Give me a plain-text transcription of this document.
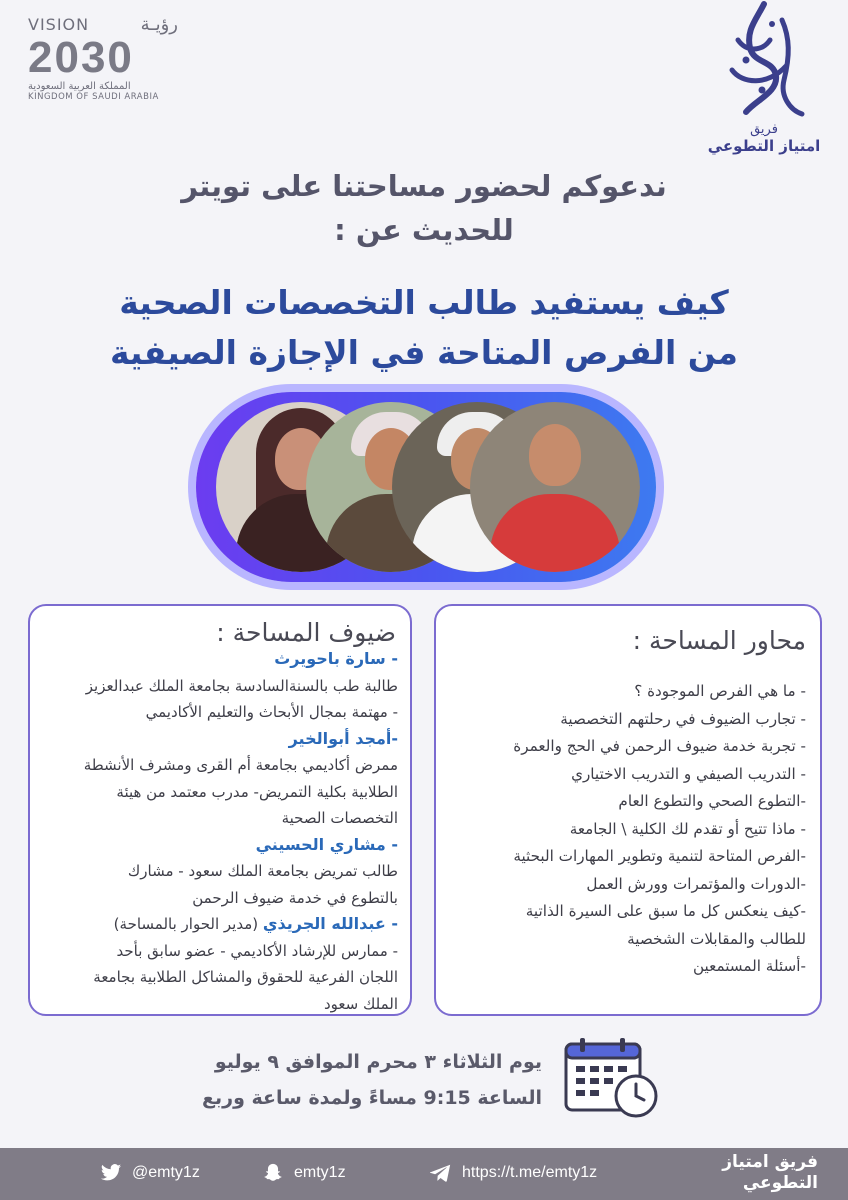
VISION	رؤيـة
2030
المملكة العربية السعودية
KINGDOM OF SAUDI ARABIA
فريق
امتياز التطوعي
ندعوكم لحضور مساحتنا على تويتر
للحديث عن :
كيف يستفيد طالب التخصصات الصحية
من الفرص المتاحة في الإجازة الصيفية
ضيوف المساحة :
- سارة باحويرث
طالبة طب بالسنةالسادسة بجامعة الملك عبدالعزيز
- مهتمة بمجال الأبحاث والتعليم الأكاديمي
-أمجد أبوالخير
ممرض أكاديمي بجامعة أم القرى ومشرف الأنشطة
الطلابية بكلية التمريض- مدرب معتمد من هيئة
التخصصات الصحية
- مشاري الحسيني
طالب تمريض بجامعة الملك سعود - مشارك
بالتطوع في خدمة ضيوف الرحمن
- عبدالله الجريذي (مدير الحوار بالمساحة)
- ممارس للإرشاد الأكاديمي - عضو سابق بأحد
اللجان الفرعية للحقوق والمشاكل الطلابية بجامعة
الملك سعود
محاور المساحة :
- ما هي الفرص الموجودة ؟
- تجارب الضيوف في رحلتهم التخصصية
- تجربة خدمة ضيوف الرحمن في الحج والعمرة
- التدريب الصيفي و التدريب الاختياري
-التطوع الصحي والتطوع العام
- ماذا تتيح أو تقدم لك الكلية \ الجامعة
-الفرص المتاحة لتنمية وتطوير المهارات البحثية
-الدورات والمؤتمرات وورش العمل
-كيف ينعكس كل ما سبق على السيرة الذاتية
للطالب والمقابلات الشخصية
-أسئلة المستمعين
يوم الثلاثاء ٣ محرم الموافق ٩ يوليو
الساعة 9:15 مساءً ولمدة ساعة وربع
@emty1z	emty1z	https://t.me/emty1z
فريق امتياز
التطوعي
